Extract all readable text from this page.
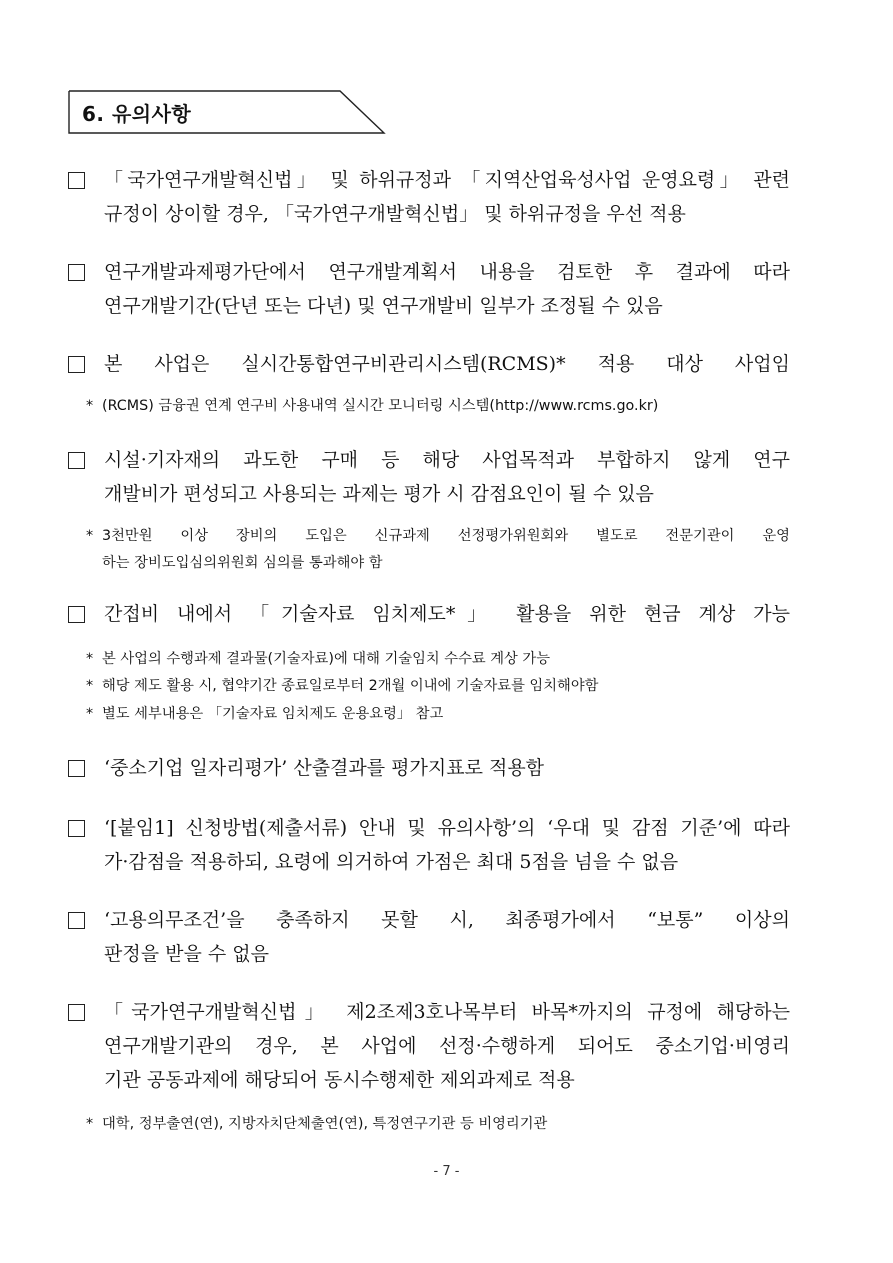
6. 유의사항
「국가연구개발혁신법」 및 하위규정과 「지역산업육성사업 운영요령」 관련
규정이 상이할 경우, 「국가연구개발혁신법」 및 하위규정을 우선 적용
연구개발과제평가단에서 연구개발계획서 내용을 검토한 후 결과에 따라
연구개발기간(단년 또는 다년) 및 연구개발비 일부가 조정될 수 있음
본 사업은 실시간통합연구비관리시스템(RCMS)* 적용 대상 사업임
* (RCMS) 금융권 연계 연구비 사용내역 실시간 모니터링 시스템(http://www.rcms.go.kr)
시설·기자재의 과도한 구매 등 해당 사업목적과 부합하지 않게 연구
개발비가 편성되고 사용되는 과제는 평가 시 감점요인이 될 수 있음
* 3천만원 이상 장비의 도입은 신규과제 선정평가위원회와 별도로 전문기관이 운영
하는 장비도입심의위원회 심의를 통과해야 함
간접비 내에서 「기술자료 임치제도*」 활용을 위한 현금 계상 가능
* 본 사업의 수행과제 결과물(기술자료)에 대해 기술임치 수수료 계상 가능
* 해당 제도 활용 시, 협약기간 종료일로부터 2개월 이내에 기술자료를 임치해야함
* 별도 세부내용은 「기술자료 임치제도 운용요령」 참고
‘중소기업 일자리평가’ 산출결과를 평가지표로 적용함
‘[붙임1] 신청방법(제출서류) 안내 및 유의사항’의 ‘우대 및 감점 기준’에 따라
가·감점을 적용하되, 요령에 의거하여 가점은 최대 5점을 넘을 수 없음
‘고용의무조건’을 충족하지 못할 시, 최종평가에서 “보통” 이상의
판정을 받을 수 없음
「국가연구개발혁신법」 제2조제3호나목부터 바목*까지의 규정에 해당하는
연구개발기관의 경우, 본 사업에 선정·수행하게 되어도 중소기업·비영리
기관 공동과제에 해당되어 동시수행제한 제외과제로 적용
* 대학, 정부출연(연), 지방자치단체출연(연), 특정연구기관 등 비영리기관
- 7 -
